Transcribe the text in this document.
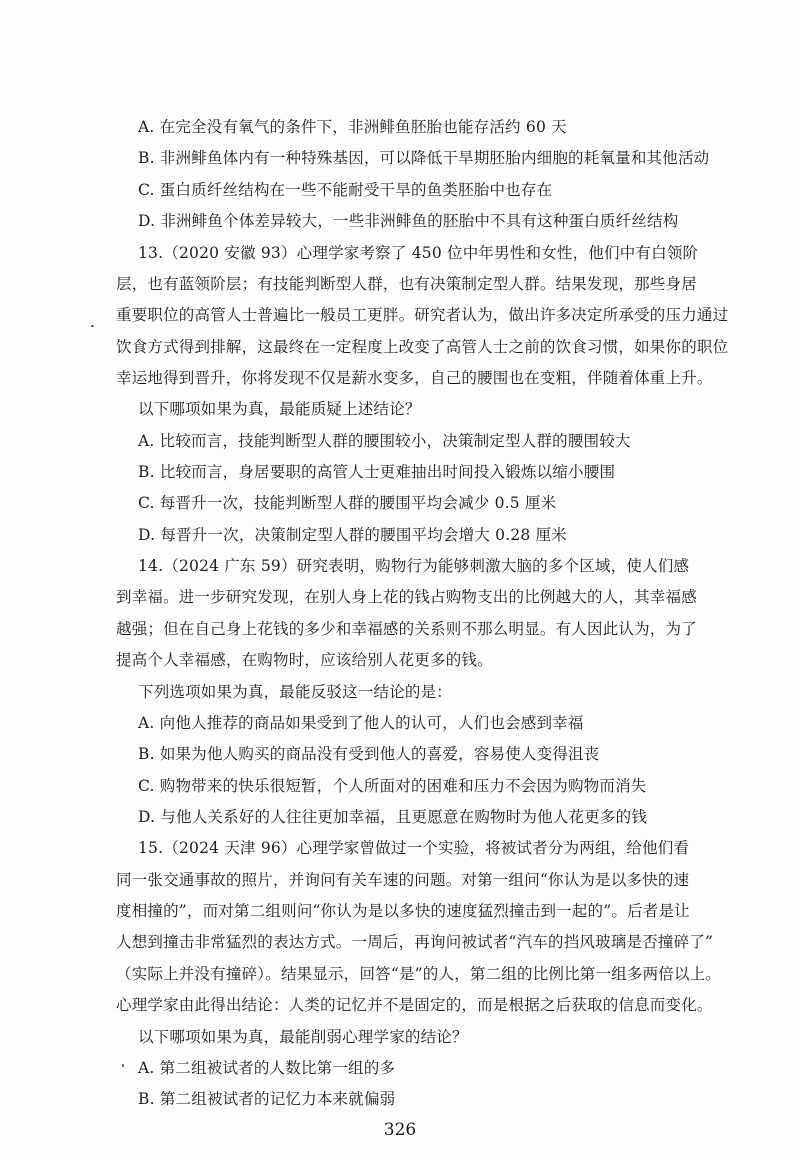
A. 在完全没有氧气的条件下，非洲鲱鱼胚胎也能存活约 60 天
B. 非洲鲱鱼体内有一种特殊基因，可以降低干旱期胚胎内细胞的耗氧量和其他活动
C. 蛋白质纤丝结构在一些不能耐受干旱的鱼类胚胎中也存在
D. 非洲鲱鱼个体差异较大，一些非洲鲱鱼的胚胎中不具有这种蛋白质纤丝结构
13.（2020 安徽 93）心理学家考察了 450 位中年男性和女性，他们中有白领阶
层，也有蓝领阶层；有技能判断型人群，也有决策制定型人群。结果发现，那些身居
重要职位的高管人士普遍比一般员工更胖。研究者认为，做出许多决定所承受的压力通过
饮食方式得到排解，这最终在一定程度上改变了高管人士之前的饮食习惯，如果你的职位
幸运地得到晋升，你将发现不仅是薪水变多，自己的腰围也在变粗，伴随着体重上升。
以下哪项如果为真，最能质疑上述结论？
A. 比较而言，技能判断型人群的腰围较小，决策制定型人群的腰围较大
B. 比较而言，身居要职的高管人士更难抽出时间投入锻炼以缩小腰围
C. 每晋升一次，技能判断型人群的腰围平均会减少 0.5 厘米
D. 每晋升一次，决策制定型人群的腰围平均会增大 0.28 厘米
14.（2024 广东 59）研究表明，购物行为能够刺激大脑的多个区域，使人们感
到幸福。进一步研究发现，在别人身上花的钱占购物支出的比例越大的人，其幸福感
越强；但在自己身上花钱的多少和幸福感的关系则不那么明显。有人因此认为，为了
提高个人幸福感，在购物时，应该给别人花更多的钱。
下列选项如果为真，最能反驳这一结论的是：
A. 向他人推荐的商品如果受到了他人的认可，人们也会感到幸福
B. 如果为他人购买的商品没有受到他人的喜爱，容易使人变得沮丧
C. 购物带来的快乐很短暂，个人所面对的困难和压力不会因为购物而消失
D. 与他人关系好的人往往更加幸福，且更愿意在购物时为他人花更多的钱
15.（2024 天津 96）心理学家曾做过一个实验，将被试者分为两组，给他们看
同一张交通事故的照片，并询问有关车速的问题。对第一组问“你认为是以多快的速
度相撞的”，而对第二组则问“你认为是以多快的速度猛烈撞击到一起的”。后者是让
人想到撞击非常猛烈的表达方式。一周后，再询问被试者“汽车的挡风玻璃是否撞碎了”
（实际上并没有撞碎）。结果显示，回答“是”的人，第二组的比例比第一组多两倍以上。
心理学家由此得出结论：人类的记忆并不是固定的，而是根据之后获取的信息而变化。
以下哪项如果为真，最能削弱心理学家的结论？
A. 第二组被试者的人数比第一组的多
B. 第二组被试者的记忆力本来就偏弱
326
